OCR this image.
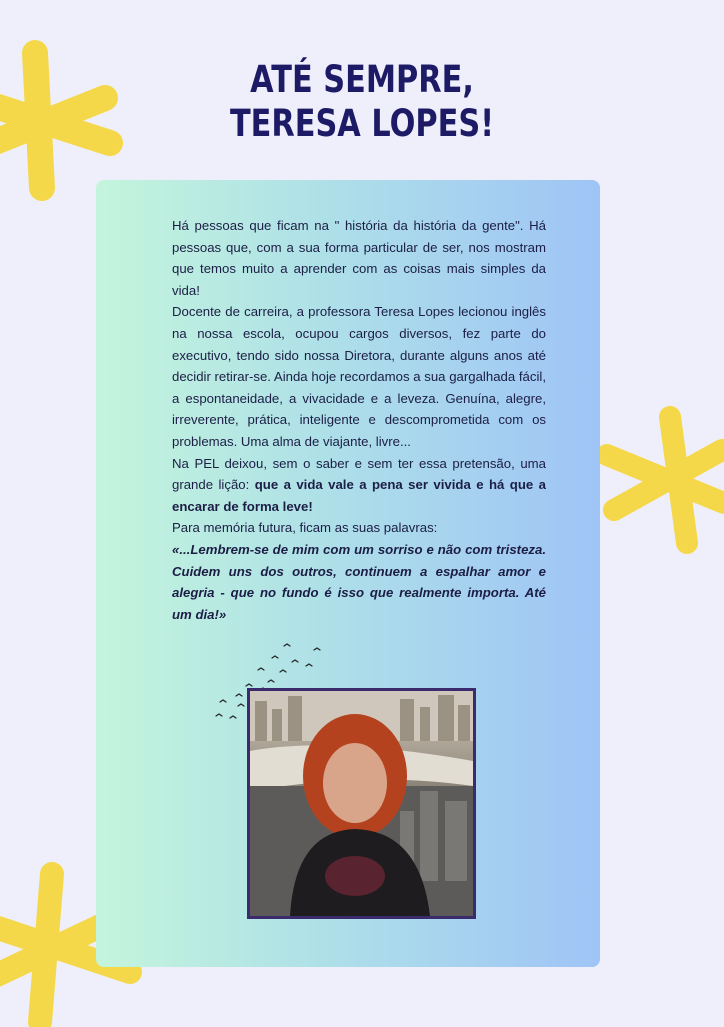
ATÉ SEMPRE,
TERESA LOPES!

Há pessoas que ficam na " história da história da gente". Há pessoas que, com a sua forma particular de ser, nos mostram que temos muito a aprender com as coisas mais simples da vida!

Docente de carreira, a professora Teresa Lopes lecionou inglês na nossa escola, ocupou cargos diversos, fez parte do executivo, tendo sido nossa Diretora, durante alguns anos até decidir retirar-se. Ainda hoje recordamos a sua gargalhada fácil, a espontaneidade, a vivacidade e a leveza. Genuína, alegre, irreverente, prática, inteligente e descomprometida com os problemas. Uma alma de viajante, livre...

Na PEL deixou, sem o saber e sem ter essa pretensão, uma grande lição: que a vida vale a pena ser vivida e há que a encarar de forma leve!

Para memória futura, ficam as suas palavras:

«...Lembrem-se de mim com um sorriso e não com tristeza. Cuidem uns dos outros, continuem a espalhar amor e alegria - que no fundo é isso que realmente importa. Até um dia!»
